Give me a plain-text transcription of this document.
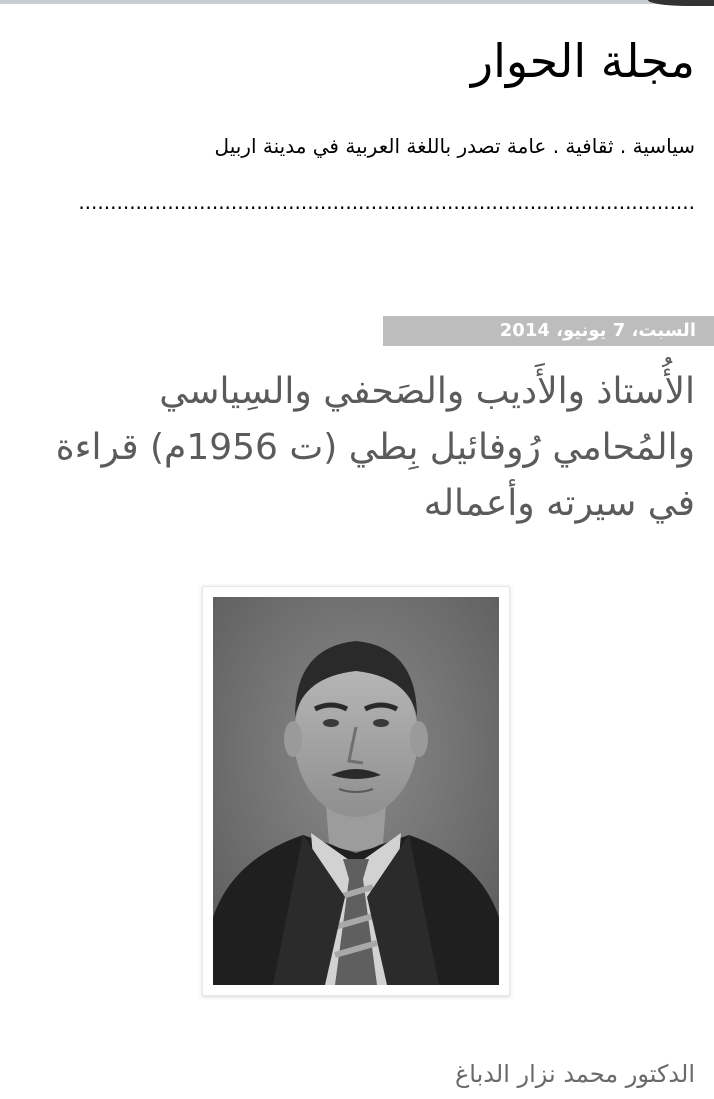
مجلة الحوار

سياسية . ثقافية . عامة تصدر باللغة العربية في مدينة اربيل

.................................................................................................

السبت، 7 يونيو، 2014
الأُستاذ والأَديب والصَحفي والسِياسي والمُحامي رُوفائيل بِطي (ت 1956م) قراءة في سيرته وأعماله

الدكتور محمد نزار الدباغ
